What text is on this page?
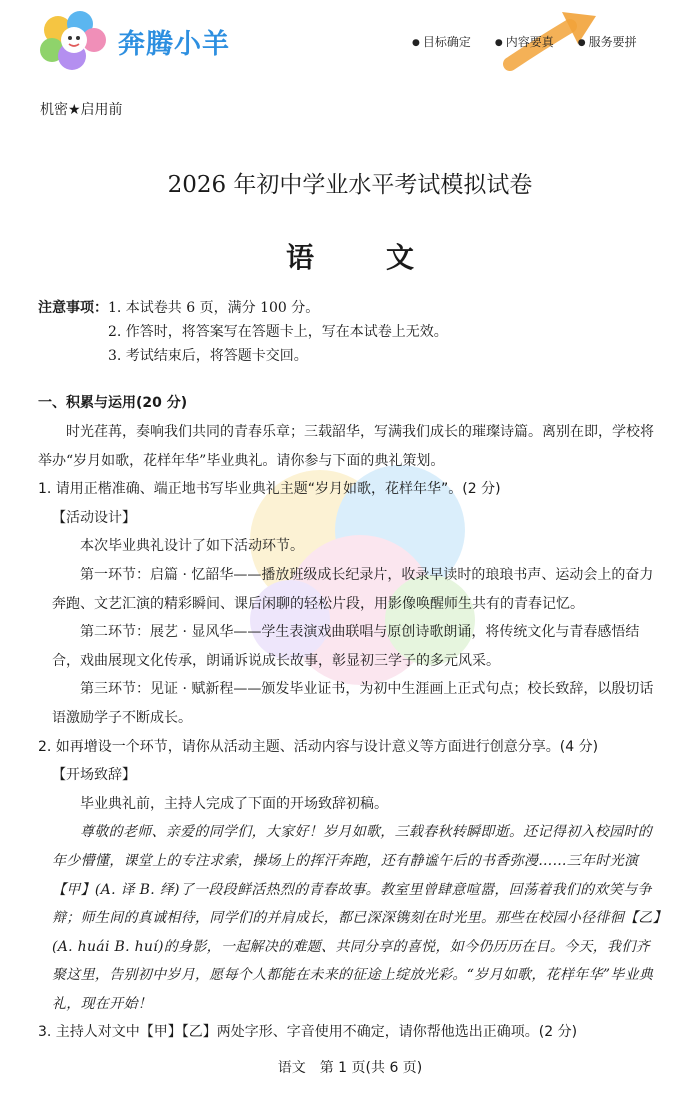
奔腾小羊	● 目标确定	● 内容要真	● 服务要拼
机密★启用前
2026 年初中学业水平考试模拟试卷
语文
注意事项：1. 本试卷共 6 页，满分 100 分。
2. 作答时，将答案写在答题卡上，写在本试卷上无效。
3. 考试结束后，将答题卡交回。
一、积累与运用(20 分)

时光荏苒，奏响我们共同的青春乐章；三载韶华，写满我们成长的璀璨诗篇。离别在即，学校将举办“岁月如歌，花样年华”毕业典礼。请你参与下面的典礼策划。

1. 请用正楷准确、端正地书写毕业典礼主题“岁月如歌，花样年华”。(2 分)

【活动设计】

本次毕业典礼设计了如下活动环节。

第一环节：启篇 · 忆韶华——播放班级成长纪录片，收录早读时的琅琅书声、运动会上的奋力奔跑、文艺汇演的精彩瞬间、课后闲聊的轻松片段，用影像唤醒师生共有的青春记忆。

第二环节：展艺 · 显风华——学生表演戏曲联唱与原创诗歌朗诵，将传统文化与青春感悟结合，戏曲展现文化传承，朗诵诉说成长故事，彰显初三学子的多元风采。

第三环节：见证 · 赋新程——颁发毕业证书，为初中生涯画上正式句点；校长致辞，以殷切话语激励学子不断成长。

2. 如再增设一个环节，请你从活动主题、活动内容与设计意义等方面进行创意分享。(4 分)

【开场致辞】

毕业典礼前，主持人完成了下面的开场致辞初稿。

尊敬的老师、亲爱的同学们，大家好！岁月如歌，三载春秋转瞬即逝。还记得初入校园时的年少懵懂，课堂上的专注求索，操场上的挥汗奔跑，还有静谧午后的书香弥漫……三年时光演【甲】(A. 译 B. 绎)了一段段鲜活热烈的青春故事。教室里曾肆意喧嚣，回荡着我们的欢笑与争辩；师生间的真诚相待，同学们的并肩成长，都已深深镌刻在时光里。那些在校园小径徘徊【乙】(A. huái B. huí)的身影，一起解决的难题、共同分享的喜悦，如今仍历历在目。今天，我们齐聚这里，告别初中岁月，愿每个人都能在未来的征途上绽放光彩。“岁月如歌，花样年华”毕业典礼，现在开始！

3. 主持人对文中【甲】【乙】两处字形、字音使用不确定，请你帮他选出正确项。(2 分)

语文　第 1 页(共 6 页)
